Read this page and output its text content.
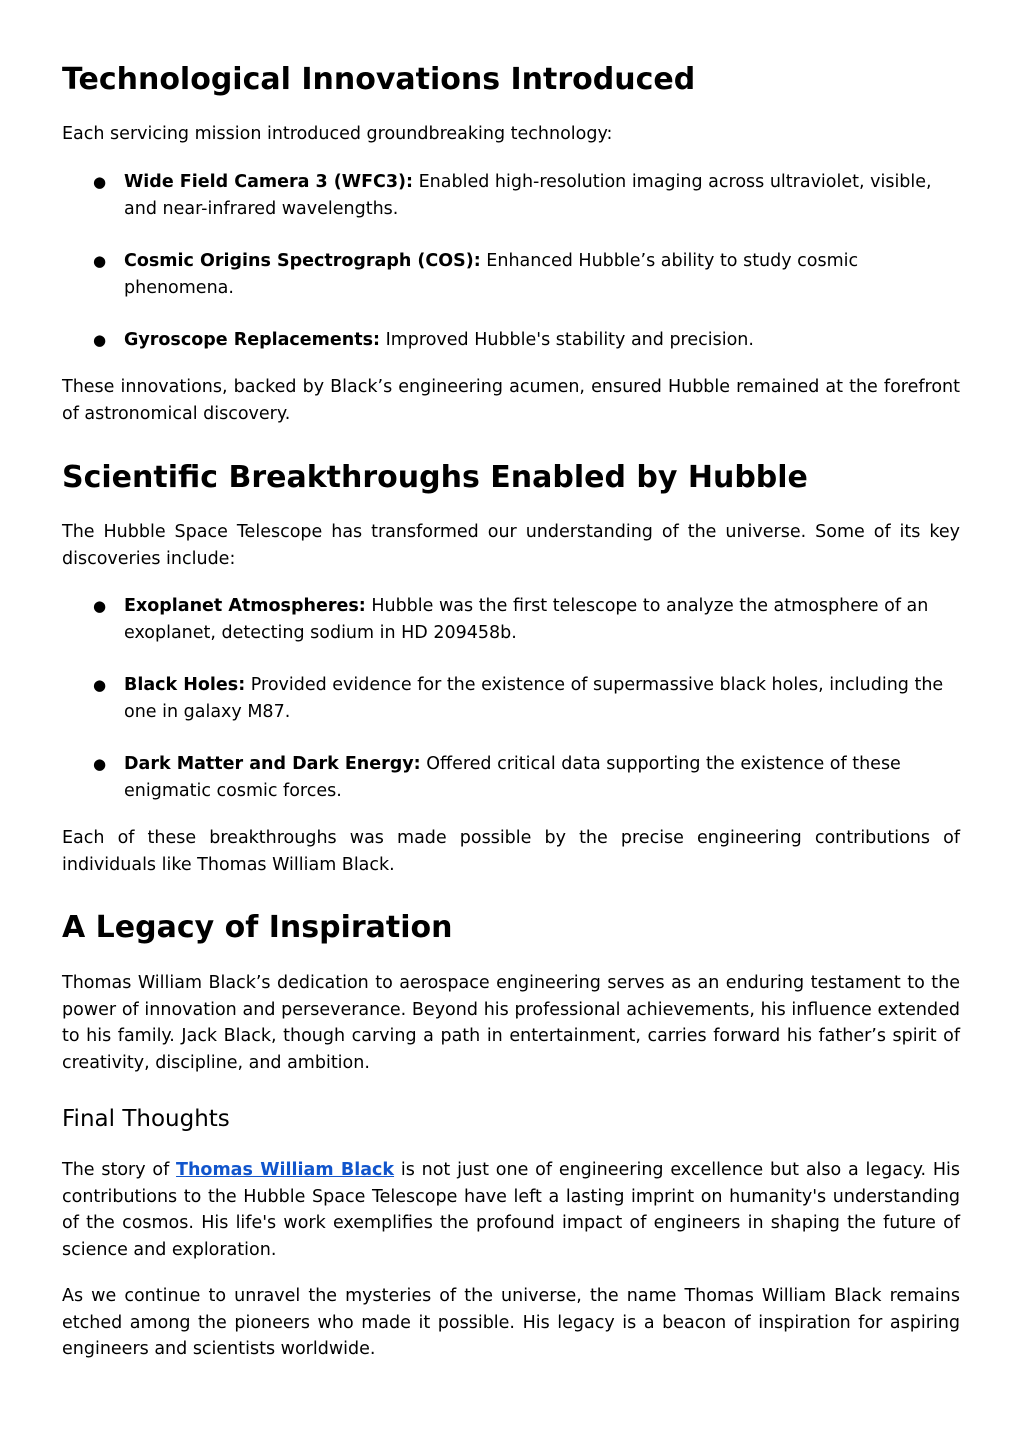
Technological Innovations Introduced

Each servicing mission introduced groundbreaking technology:

● Wide Field Camera 3 (WFC3): Enabled high-resolution imaging across ultraviolet, visible, and near-infrared wavelengths.
● Cosmic Origins Spectrograph (COS): Enhanced Hubble’s ability to study cosmic phenomena.
● Gyroscope Replacements: Improved Hubble's stability and precision.

These innovations, backed by Black’s engineering acumen, ensured Hubble remained at the forefront of astronomical discovery.

Scientific Breakthroughs Enabled by Hubble

The Hubble Space Telescope has transformed our understanding of the universe. Some of its key discoveries include:

● Exoplanet Atmospheres: Hubble was the first telescope to analyze the atmosphere of an exoplanet, detecting sodium in HD 209458b.
● Black Holes: Provided evidence for the existence of supermassive black holes, including the one in galaxy M87.
● Dark Matter and Dark Energy: Offered critical data supporting the existence of these enigmatic cosmic forces.

Each of these breakthroughs was made possible by the precise engineering contributions of individuals like Thomas William Black.

A Legacy of Inspiration

Thomas William Black’s dedication to aerospace engineering serves as an enduring testament to the power of innovation and perseverance. Beyond his professional achievements, his influence extended to his family. Jack Black, though carving a path in entertainment, carries forward his father’s spirit of creativity, discipline, and ambition.

Final Thoughts

The story of Thomas William Black is not just one of engineering excellence but also a legacy. His contributions to the Hubble Space Telescope have left a lasting imprint on humanity's understanding of the cosmos. His life's work exemplifies the profound impact of engineers in shaping the future of science and exploration.

As we continue to unravel the mysteries of the universe, the name Thomas William Black remains etched among the pioneers who made it possible. His legacy is a beacon of inspiration for aspiring engineers and scientists worldwide.
